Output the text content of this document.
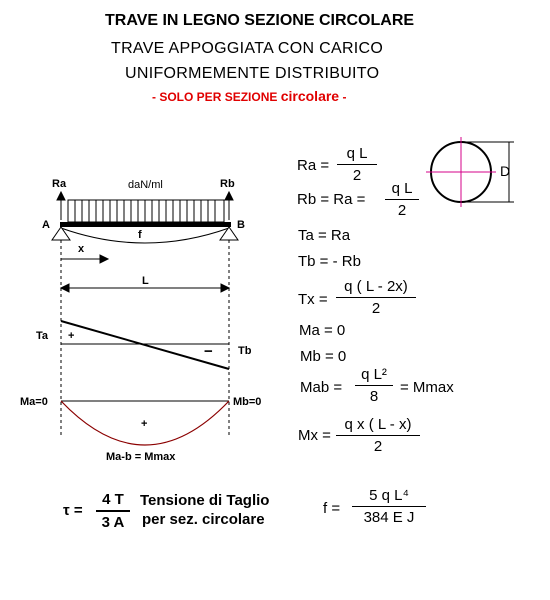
TRAVE IN LEGNO SEZIONE CIRCOLARE
TRAVE APPOGGIATA CON CARICO
UNIFORMEMENTE DISTRIBUITO
- SOLO PER SEZIONE circolare -
Ra	Rb
daN/ml
A	B
f
x
L
Ta +
− Tb
Ma=0	Mb=0
+
Ma-b = Mmax
D
$Ra = \frac{\text{q L}}{2}$
$Rb = Ra = \frac{\text{q L}}{2}$
Ta = Ra
Tb = - Rb
$Tx = \frac{q ( L - 2x)}{2}$
Ma = 0
Mb = 0
Mab = $\frac{\text{q L²}}{8} = Mmax$
$Mx = \frac{\text{q x ( L - x)}}{2}$
$\tau = \frac{4 T}{3 A}$ Tensione di Taglio
per sez. circolare
$f = \frac{\text{5 q L⁴}}{\text{384 E J}}$
